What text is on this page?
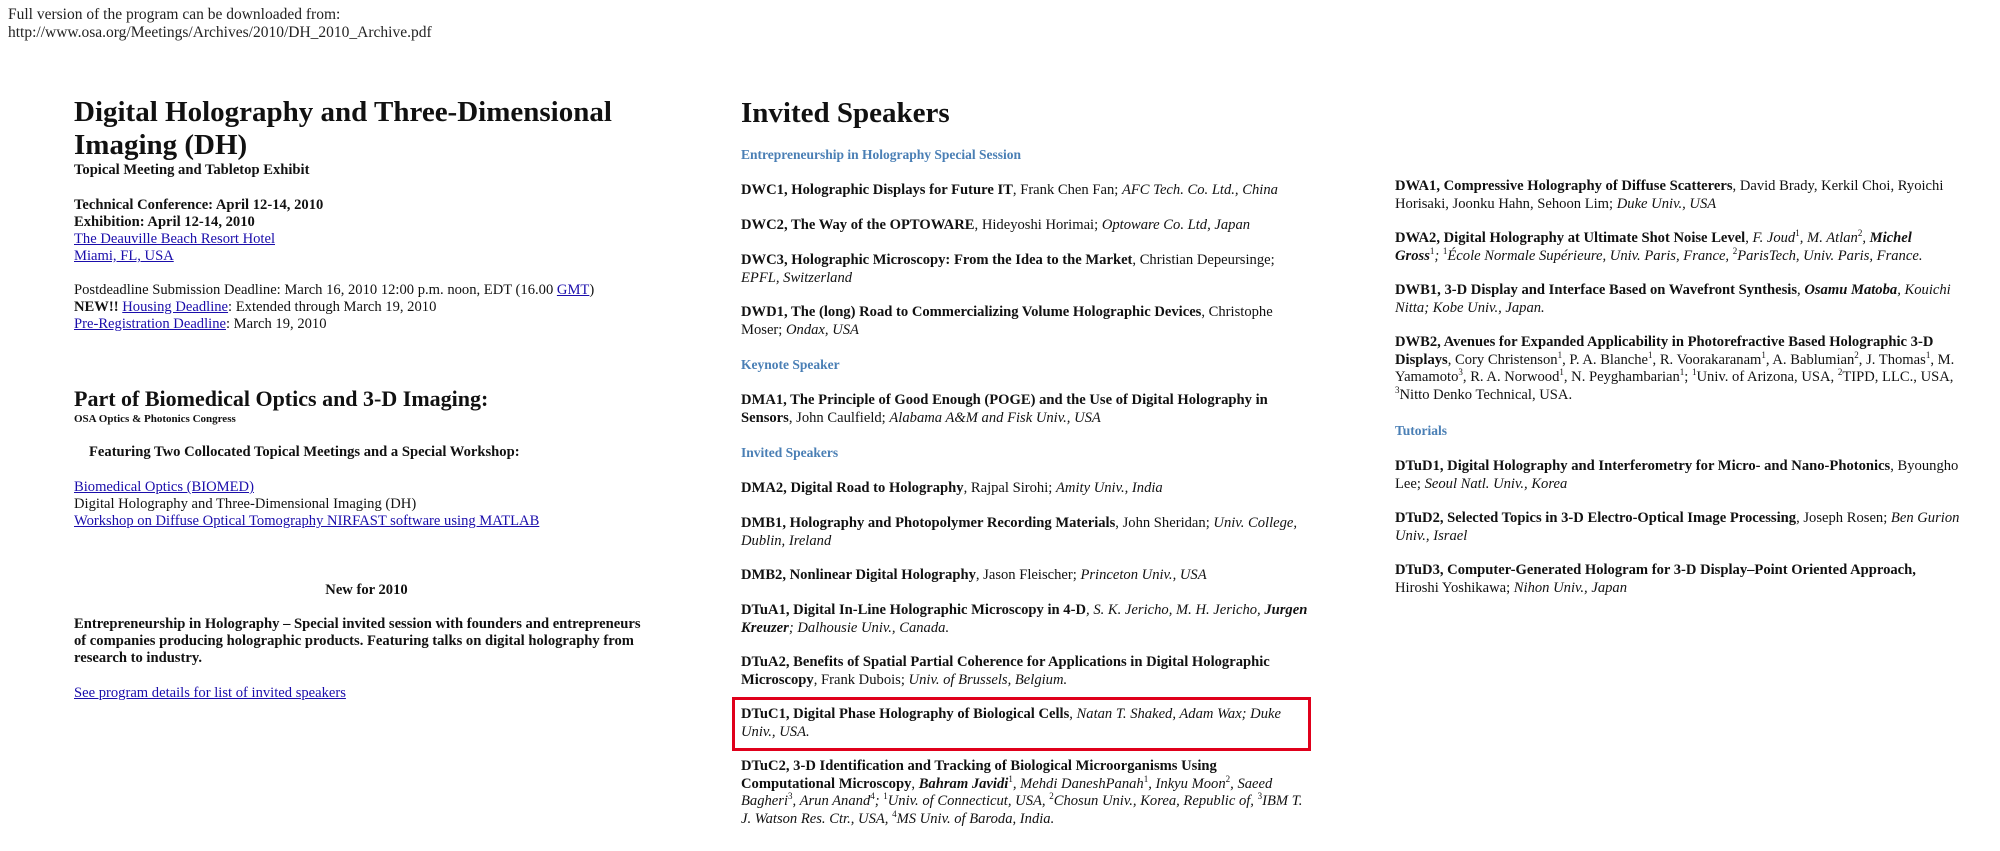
Full version of the program can be downloaded from:
http://www.osa.org/Meetings/Archives/2010/DH_2010_Archive.pdf
Digital Holography and Three-Dimensional
Imaging (DH)
Topical Meeting and Tabletop Exhibit
Technical Conference: April 12-14, 2010
Exhibition: April 12-14, 2010
The Deauville Beach Resort Hotel
Miami, FL, USA
Postdeadline Submission Deadline: March 16, 2010 12:00 p.m. noon, EDT (16.00 GMT)
NEW!! Housing Deadline: Extended through March 19, 2010
Pre-Registration Deadline: March 19, 2010
Part of Biomedical Optics and 3-D Imaging:
OSA Optics & Photonics Congress
Featuring Two Collocated Topical Meetings and a Special Workshop:
Biomedical Optics (BIOMED)
Digital Holography and Three-Dimensional Imaging (DH)
Workshop on Diffuse Optical Tomography NIRFAST software using MATLAB
New for 2010
Entrepreneurship in Holography – Special invited session with founders and entrepreneurs
of companies producing holographic products. Featuring talks on digital holography from
research to industry.
See program details for list of invited speakers
Invited Speakers
Entrepreneurship in Holography Special Session
DWC1, Holographic Displays for Future IT, Frank Chen Fan; AFC Tech. Co. Ltd., China
DWC2, The Way of the OPTOWARE, Hideyoshi Horimai; Optoware Co. Ltd, Japan
DWC3, Holographic Microscopy: From the Idea to the Market, Christian Depeursinge;
EPFL, Switzerland
DWD1, The (long) Road to Commercializing Volume Holographic Devices, Christophe
Moser; Ondax, USA
Keynote Speaker
DMA1, The Principle of Good Enough (POGE) and the Use of Digital Holography in
Sensors, John Caulfield; Alabama A&M and Fisk Univ., USA
Invited Speakers
DMA2, Digital Road to Holography, Rajpal Sirohi; Amity Univ., India
DMB1, Holography and Photopolymer Recording Materials, John Sheridan; Univ. College,
Dublin, Ireland
DMB2, Nonlinear Digital Holography, Jason Fleischer; Princeton Univ., USA
DTuA1, Digital In-Line Holographic Microscopy in 4-D, S. K. Jericho, M. H. Jericho, Jurgen
Kreuzer; Dalhousie Univ., Canada.
DTuA2, Benefits of Spatial Partial Coherence for Applications in Digital Holographic
Microscopy, Frank Dubois; Univ. of Brussels, Belgium.
DTuC1, Digital Phase Holography of Biological Cells, Natan T. Shaked, Adam Wax; Duke
Univ., USA.
DTuC2, 3-D Identification and Tracking of Biological Microorganisms Using
Computational Microscopy, Bahram Javidi$^1$, Mehdi DaneshPanah$^1$, Inkyu Moon$^2$, Saeed
Bagheri$^3$, Arun Anand$^4$; $^1$Univ. of Connecticut, USA, $^2$Chosun Univ., Korea, Republic of, $^3$IBM T.
J. Watson Res. Ctr., USA, $^4$MS Univ. of Baroda, India.
DWA1, Compressive Holography of Diffuse Scatterers, David Brady, Kerkil Choi, Ryoichi
Horisaki, Joonku Hahn, Sehoon Lim; Duke Univ., USA
DWA2, Digital Holography at Ultimate Shot Noise Level, F. Joud$^1$, M. Atlan$^2$, Michel
Gross$^1$; $^1$École Normale Supérieure, Univ. Paris, France, $^2$ParisTech, Univ. Paris, France.
DWB1, 3-D Display and Interface Based on Wavefront Synthesis, Osamu Matoba, Kouichi
Nitta; Kobe Univ., Japan.
DWB2, Avenues for Expanded Applicability in Photorefractive Based Holographic 3-D
Displays, Cory Christenson$^1$, P. A. Blanche$^1$, R. Voorakaranam$^1$, A. Bablumian$^2$, J. Thomas$^1$, M.
Yamamoto$^3$, R. A. Norwood$^1$, N. Peyghambarian$^1$; $^1$Univ. of Arizona, USA, $^2$TIPD, LLC., USA,
$^3$Nitto Denko Technical, USA.
Tutorials
DTuD1, Digital Holography and Interferometry for Micro- and Nano-Photonics, Byoungho
Lee; Seoul Natl. Univ., Korea
DTuD2, Selected Topics in 3-D Electro-Optical Image Processing, Joseph Rosen; Ben Gurion
Univ., Israel
DTuD3, Computer-Generated Hologram for 3-D Display–Point Oriented Approach,
Hiroshi Yoshikawa; Nihon Univ., Japan
